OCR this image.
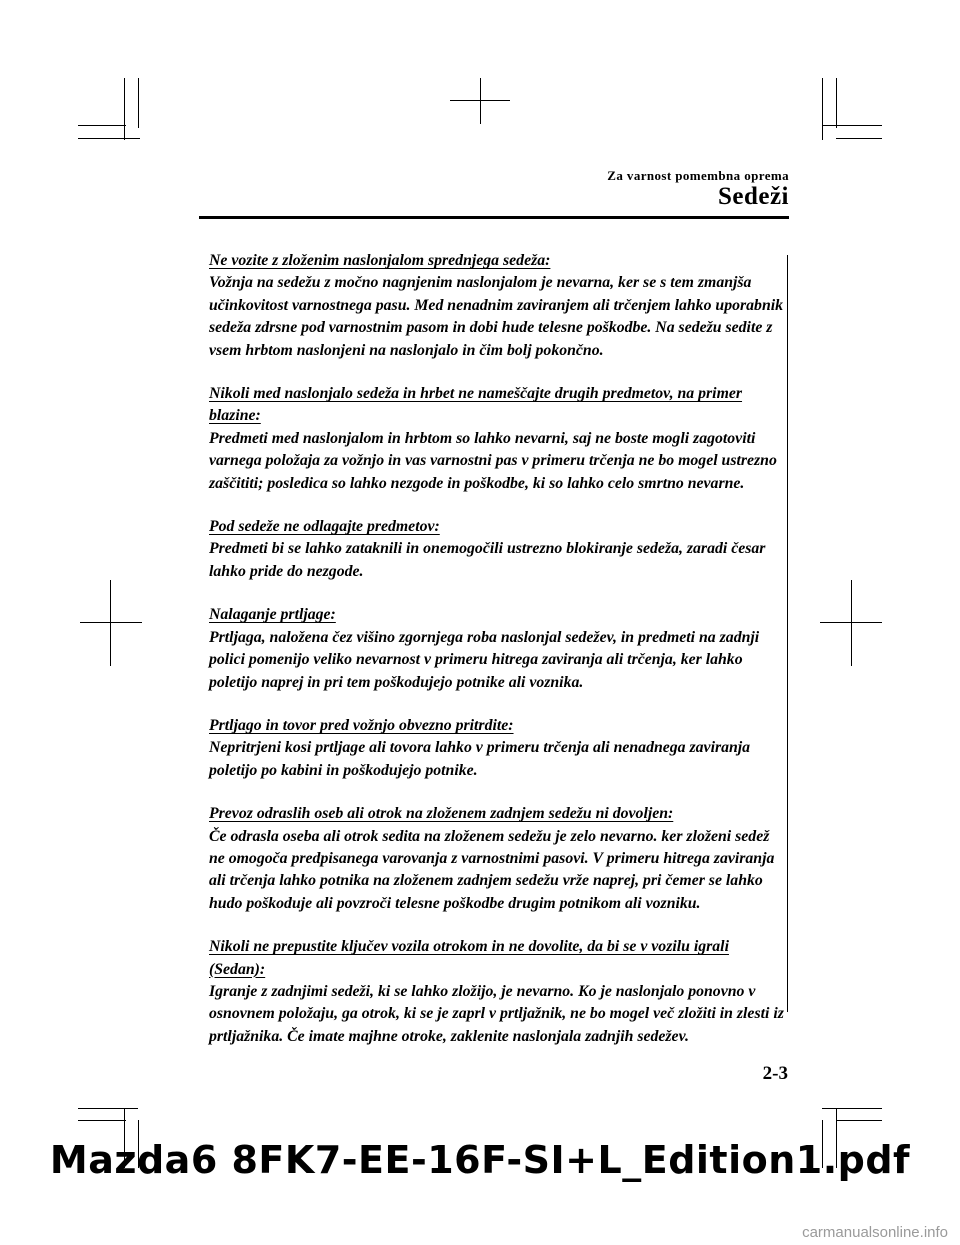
Za varnost pomembna oprema
Sedeži
Ne vozite z zloženim naslonjalom sprednjega sedeža:
Vožnja na sedežu z močno nagnjenim naslonjalom je nevarna, ker se s tem zmanjša učinkovitost varnostnega pasu. Med nenadnim zaviranjem ali trčenjem lahko uporabnik sedeža zdrsne pod varnostnim pasom in dobi hude telesne poškodbe. Na sedežu sedite z vsem hrbtom naslonjeni na naslonjalo in čim bolj pokončno.
Nikoli med naslonjalo sedeža in hrbet ne nameščajte drugih predmetov, na primer blazine:
Predmeti med naslonjalom in hrbtom so lahko nevarni, saj ne boste mogli zagotoviti varnega položaja za vožnjo in vas varnostni pas v primeru trčenja ne bo mogel ustrezno zaščititi; posledica so lahko nezgode in poškodbe, ki so lahko celo smrtno nevarne.
Pod sedeže ne odlagajte predmetov:
Predmeti bi se lahko zataknili in onemogočili ustrezno blokiranje sedeža, zaradi česar lahko pride do nezgode.
Nalaganje prtljage:
Prtljaga, naložena čez višino zgornjega roba naslonjal sedežev, in predmeti na zadnji polici pomenijo veliko nevarnost v primeru hitrega zaviranja ali trčenja, ker lahko poletijo naprej in pri tem poškodujejo potnike ali voznika.
Prtljago in tovor pred vožnjo obvezno pritrdite:
Nepritrjeni kosi prtljage ali tovora lahko v primeru trčenja ali nenadnega zaviranja poletijo po kabini in poškodujejo potnike.
Prevoz odraslih oseb ali otrok na zloženem zadnjem sedežu ni dovoljen:
Če odrasla oseba ali otrok sedita na zloženem sedežu je zelo nevarno. ker zloženi sedež ne omogoča predpisanega varovanja z varnostnimi pasovi. V primeru hitrega zaviranja ali trčenja lahko potnika na zloženem zadnjem sedežu vrže naprej, pri čemer se lahko hudo poškoduje ali povzroči telesne poškodbe drugim potnikom ali vozniku.
Nikoli ne prepustite ključev vozila otrokom in ne dovolite, da bi se v vozilu igrali (Sedan):
Igranje z zadnjimi sedeži, ki se lahko zložijo, je nevarno. Ko je naslonjalo ponovno v osnovnem položaju, ga otrok, ki se je zaprl v prtljažnik, ne bo mogel več zložiti in zlesti iz prtljažnika. Če imate majhne otroke, zaklenite naslonjala zadnjih sedežev.
2-3
Mazda6 8FK7-EE-16F-SI+L_Edition1.pdf
carmanualsonline.info
